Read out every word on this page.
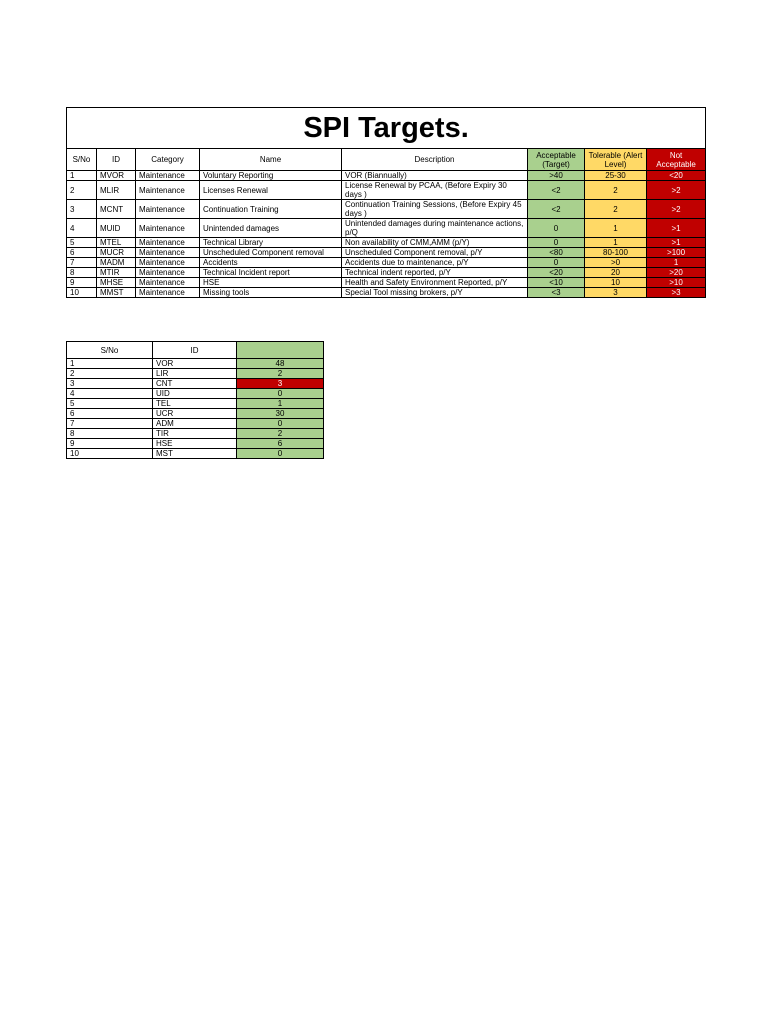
SPI Targets.							
S/No	ID	Category	Name	Description	Acceptable (Target)	Tolerable (Alert Level)	Not Acceptable
1	MVOR	Maintenance	Voluntary Reporting	VOR (Biannually)	>40	25-30	<20
2	MLIR	Maintenance	Licenses Renewal	License Renewal by PCAA, (Before Expiry 30 days )	<2	2	>2
3	MCNT	Maintenance	Continuation Training	Continuation Training Sessions, (Before Expiry 45 days )	<2	2	>2
4	MUID	Maintenance	Unintended damages	Unintended damages during maintenance actions, p/Q	0	1	>1
5	MTEL	Maintenance	Technical Library	Non availability of CMM,AMM (p/Y)	0	1	>1
6	MUCR	Maintenance	Unscheduled Component removal	Unscheduled Component removal, p/Y	<80	80-100	>100
7	MADM	Maintenance	Accidents	Accidents due to maintenance, p/Y	0	>0	1
8	MTIR	Maintenance	Technical Incident report	Technical indent reported, p/Y	<20	20	>20
9	MHSE	Maintenance	HSE	Health and Safety Environment Reported, p/Y	<10	10	>10
10	MMST	Maintenance	Missing tools	Special Tool missing brokers, p/Y	<3	3	>3
S/No	ID	
1	VOR	48
2	LIR	2
3	CNT	3
4	UID	0
5	TEL	1
6	UCR	30
7	ADM	0
8	TIR	2
9	HSE	6
10	MST	0
